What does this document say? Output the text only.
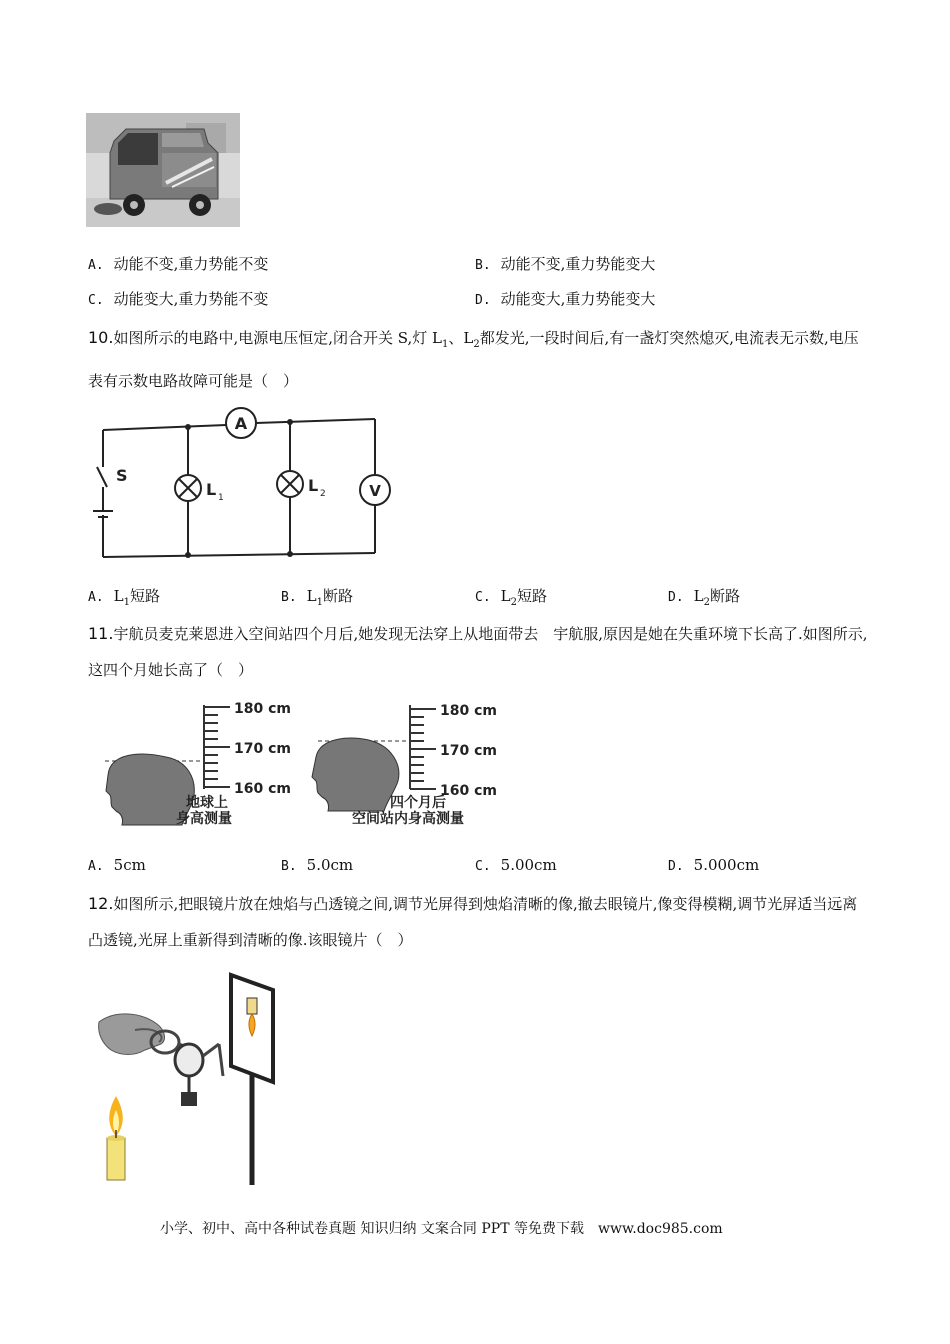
A. 动能不变,重力势能不变	B. 动能不变,重力势能变大
C. 动能变大,重力势能不变	D. 动能变大,重力势能变大
10.如图所示的电路中,电源电压恒定,闭合开关 S,灯 $L_1$、$L_2$都发光,一段时间后,有一盏灯突然熄灭,电流表无示数,电压表有示数电路故障可能是（　）
A
V
S
L 1
L 2
A. $L_1$短路	B. $L_1$断路	C. $L_2$短路	D. $L_2$断路
11.宇航员麦克莱恩进入空间站四个月后,她发现无法穿上从地面带去　宇航服,原因是她在失重环境下长高了.如图所示,这四个月她长高了（　）
180 cm
170 cm
160 cm
180 cm
170 cm
160 cm
地球上
身高测量
四个月后
空间站内身高测量
A. 5cm	B. 5.0cm	C. 5.00cm	D. 5.000cm
12.如图所示,把眼镜片放在烛焰与凸透镜之间,调节光屏得到烛焰清晰的像,撤去眼镜片,像变得模糊,调节光屏适当远离凸透镜,光屏上重新得到清晰的像.该眼镜片（　）
小学、初中、高中各种试卷真题 知识归纳 文案合同 PPT 等免费下载　www.doc985.com
